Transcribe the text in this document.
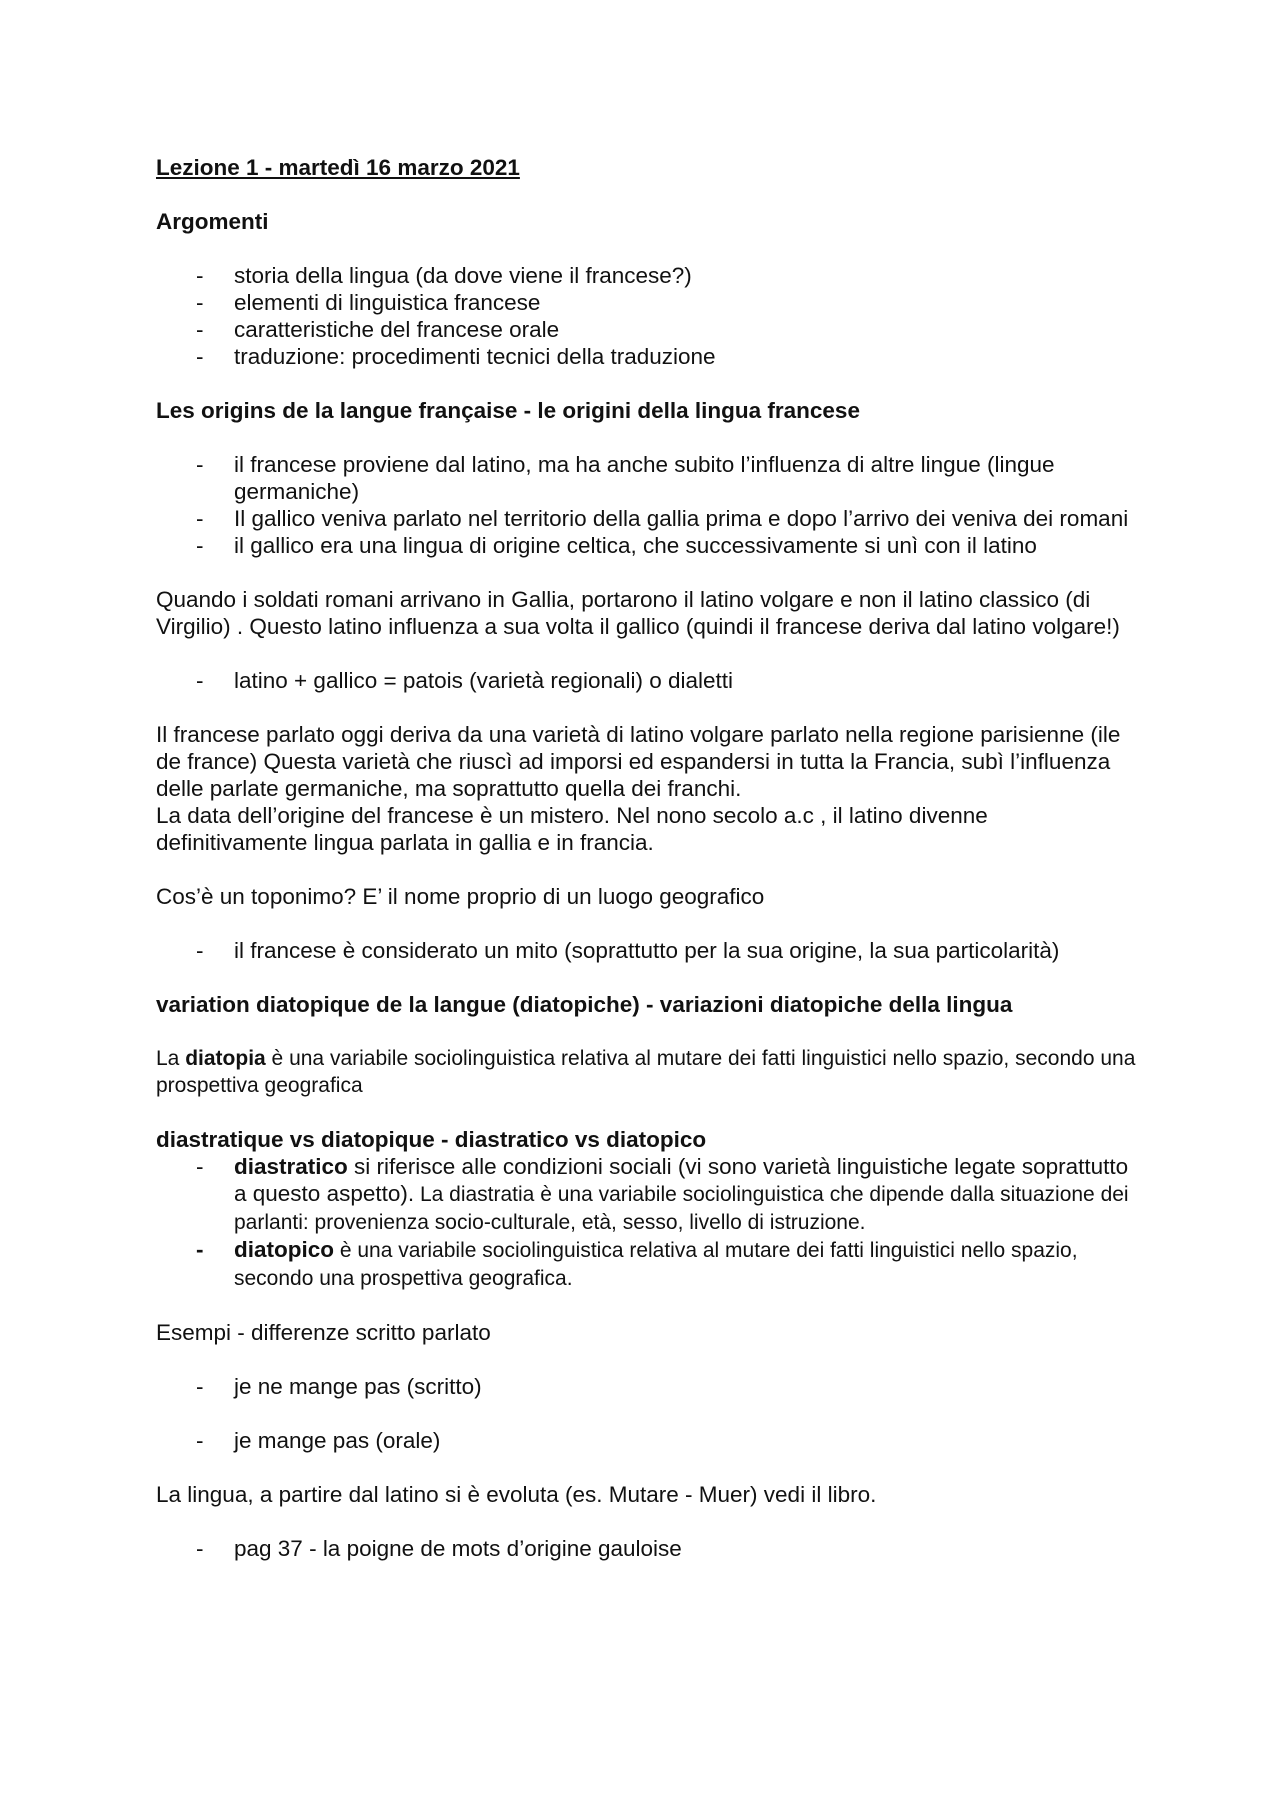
Lezione 1 - martedì 16 marzo 2021
Argomenti
- storia della lingua (da dove viene il francese?)
- elementi di linguistica francese
- caratteristiche del francese orale
- traduzione: procedimenti tecnici della traduzione
Les origins de la langue française - le origini della lingua francese
- il francese proviene dal latino, ma ha anche subito l’influenza di altre lingue (lingue germaniche)
- Il gallico veniva parlato nel territorio della gallia prima e dopo l’arrivo dei veniva dei romani
- il gallico era una lingua di origine celtica, che successivamente si unì con il latino

Quando i soldati romani arrivano in Gallia, portarono il latino volgare e non il latino classico (di Virgilio) . Questo latino influenza a sua volta il gallico (quindi il francese deriva dal latino volgare!)

- latino + gallico = patois (varietà regionali) o dialetti

Il francese parlato oggi deriva da una varietà di latino volgare parlato nella regione parisienne (ile de france) Questa varietà che riuscì ad imporsi ed espandersi in tutta la Francia, subì l’influenza delle parlate germaniche, ma soprattutto quella dei franchi.
La data dell’origine del francese è un mistero. Nel nono secolo a.c , il latino divenne definitivamente lingua parlata in gallia e in francia.

Cos’è un toponimo? E’ il nome proprio di un luogo geografico

- il francese è considerato un mito (soprattutto per la sua origine, la sua particolarità)
variation diatopique de la langue (diatopiche) - variazioni diatopiche della lingua

La diatopia è una variabile sociolinguistica relativa al mutare dei fatti linguistici nello spazio, secondo una prospettiva geografica

diastratique vs diatopique - diastratico vs diatopico
- diastratico si riferisce alle condizioni sociali (vi sono varietà linguistiche legate soprattutto a questo aspetto). La diastratia è una variabile sociolinguistica che dipende dalla situazione dei parlanti: provenienza socio-culturale, età, sesso, livello di istruzione.
- diatopico è una variabile sociolinguistica relativa al mutare dei fatti linguistici nello spazio, secondo una prospettiva geografica.

Esempi - differenze scritto parlato

- je ne mange pas (scritto)
- je mange pas (orale)

La lingua, a partire dal latino si è evoluta (es. Mutare - Muer) vedi il libro.

- pag 37 - la poigne de mots d’origine gauloise
